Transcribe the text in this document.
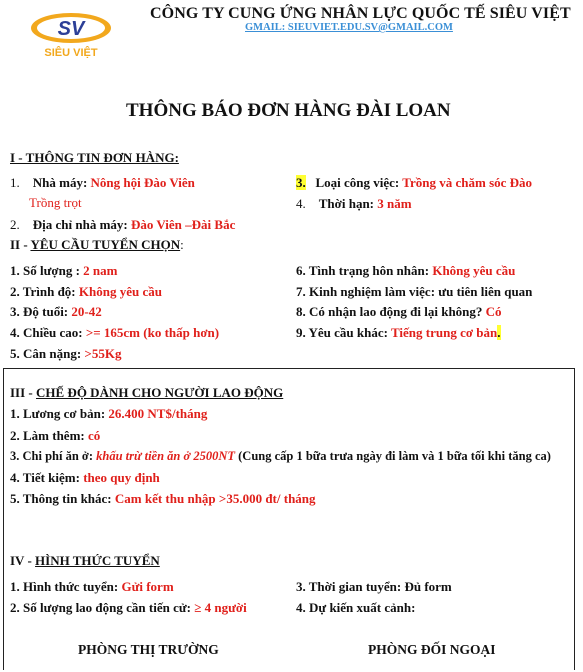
SV
SIÊU VIỆT
CÔNG TY CUNG ỨNG NHÂN LỰC QUỐC TẾ SIÊU VIỆT
GMAIL: SIEUVIET.EDU.SV@GMAIL.COM
THÔNG BÁO ĐƠN HÀNG ĐÀI LOAN
I - THÔNG TIN ĐƠN HÀNG:
1. Nhà máy: Nông hội Đào Viên
Trồng trọt
2. Địa chỉ nhà máy: Đào Viên –Đài Bắc
3. Loại công việc: Trồng và chăm sóc Đào
4. Thời hạn: 3 năm
II - YÊU CẦU TUYỂN CHỌN:
1. Số lượng : 2 nam
2. Trình độ: Không yêu cầu
3. Độ tuổi: 20-42
4. Chiều cao: >= 165cm (ko thấp hơn)
5. Cân nặng: >55Kg
6. Tình trạng hôn nhân: Không yêu cầu
7. Kinh nghiệm làm việc: ưu tiên liên quan
8. Có nhận lao động đi lại không? Có
9. Yêu cầu khác: Tiếng trung cơ bản.
III - CHẾ ĐỘ DÀNH CHO NGƯỜI LAO ĐỘNG
1. Lương cơ bản: 26.400 NT$/tháng
2. Làm thêm: có
3. Chi phí ăn ở: khấu trừ tiền ăn ở 2500NT (Cung cấp 1 bữa trưa ngày đi làm và 1 bữa tối khi tăng ca)
4. Tiết kiệm: theo quy định
5. Thông tin khác: Cam kết thu nhập >35.000 đt/ tháng
IV - HÌNH THỨC TUYỂN
1. Hình thức tuyển: Gửi form
2. Số lượng lao động cần tiến cử: ≥ 4 người
3. Thời gian tuyển: Đủ form
4. Dự kiến xuất cảnh:
PHÒNG THỊ TRƯỜNG	PHÒNG ĐỐI NGOẠI
